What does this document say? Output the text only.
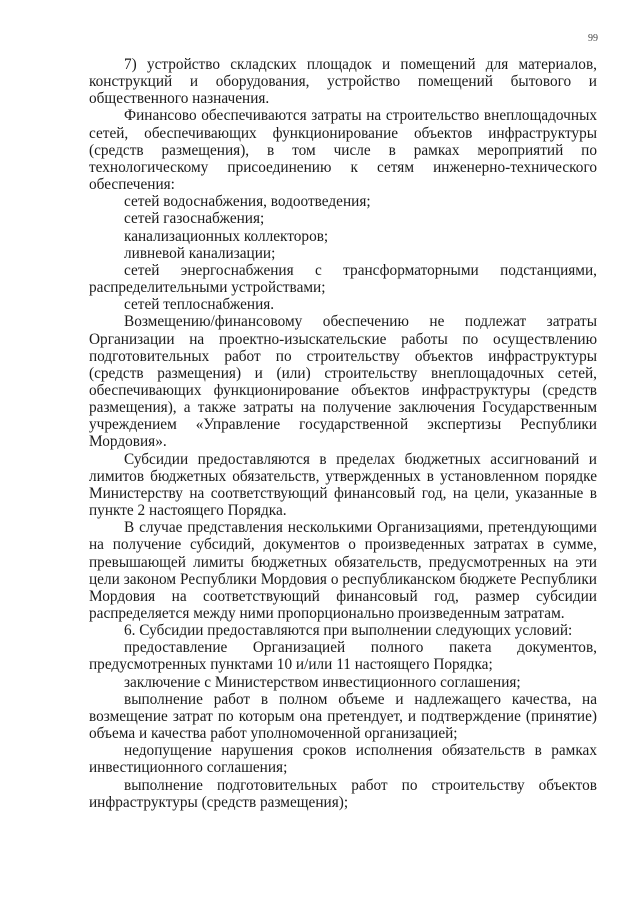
99

7) устройство складских площадок и помещений для материалов, конструкций и оборудования, устройство помещений бытового и общественного назначения.

Финансово обеспечиваются затраты на строительство внеплощадочных сетей, обеспечивающих функционирование объектов инфраструктуры (средств размещения), в том числе в рамках мероприятий по технологическому присоединению к сетям инженерно-технического обеспечения:

сетей водоснабжения, водоотведения;

сетей газоснабжения;

канализационных коллекторов;

ливневой канализации;

сетей энергоснабжения с трансформаторными подстанциями, распределительными устройствами;

сетей теплоснабжения.

Возмещению/финансовому обеспечению не подлежат затраты Организации на проектно-изыскательские работы по осуществлению подготовительных работ по строительству объектов инфраструктуры (средств размещения) и (или) строительству внеплощадочных сетей, обеспечивающих функционирование объектов инфраструктуры (средств размещения), а также затраты на получение заключения Государственным учреждением «Управление государственной экспертизы Республики Мордовия».

Субсидии предоставляются в пределах бюджетных ассигнований и лимитов бюджетных обязательств, утвержденных в установленном порядке Министерству на соответствующий финансовый год, на цели, указанные в пункте 2 настоящего Порядка.

В случае представления несколькими Организациями, претендующими на получение субсидий, документов о произведенных затратах в сумме, превышающей лимиты бюджетных обязательств, предусмотренных на эти цели законом Республики Мордовия о республиканском бюджете Республики Мордовия на соответствующий финансовый год, размер субсидии распределяется между ними пропорционально произведенным затратам.

6. Субсидии предоставляются при выполнении следующих условий:

предоставление Организацией полного пакета документов, предусмотренных пунктами 10 и/или 11 настоящего Порядка;

заключение с Министерством инвестиционного соглашения;

выполнение работ в полном объеме и надлежащего качества, на возмещение затрат по которым она претендует, и подтверждение (принятие) объема и качества работ уполномоченной организацией;

недопущение нарушения сроков исполнения обязательств в рамках инвестиционного соглашения;

выполнение подготовительных работ по строительству объектов инфраструктуры (средств размещения);
